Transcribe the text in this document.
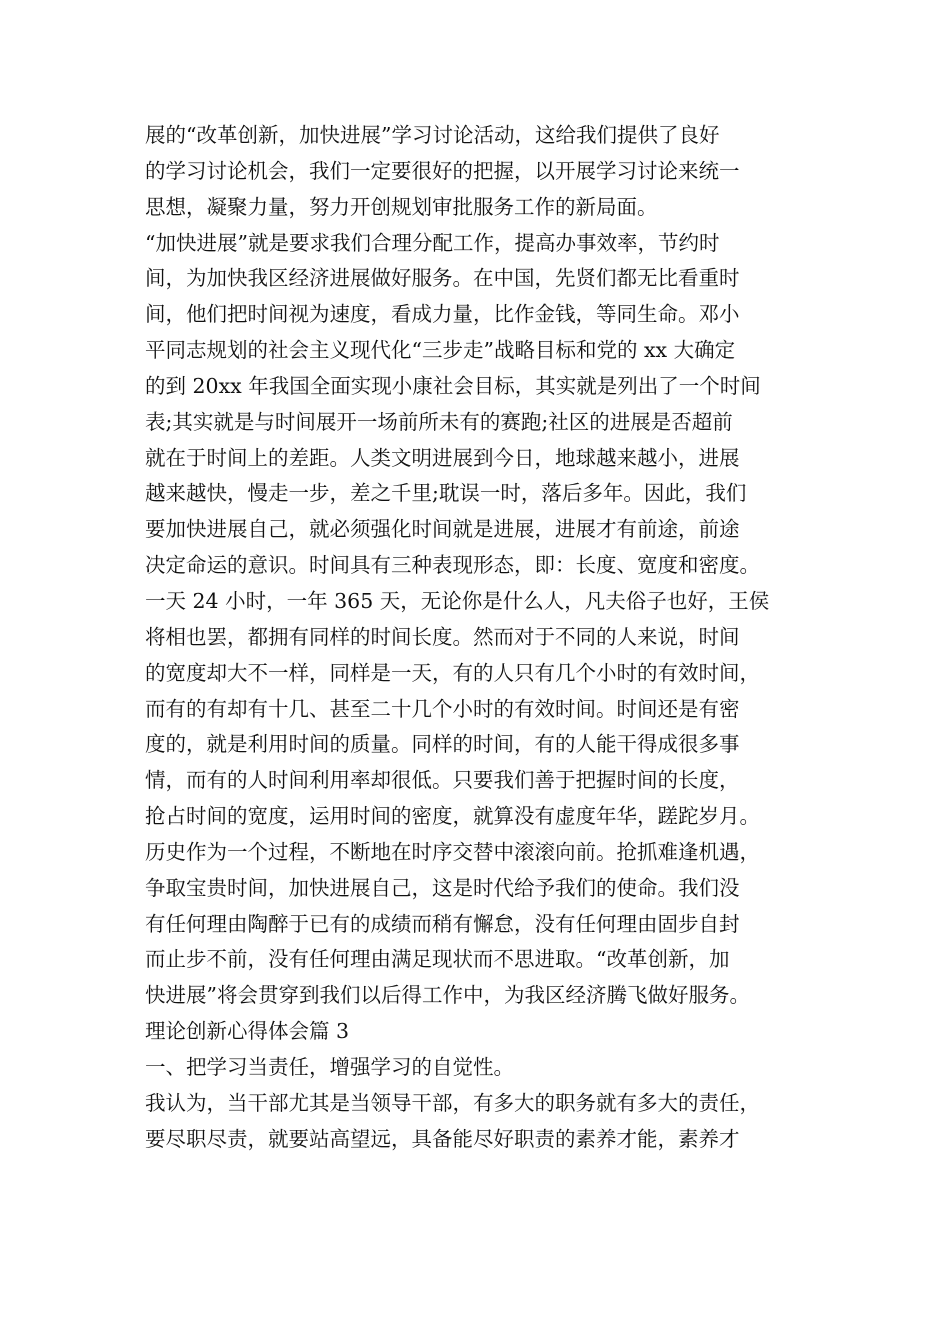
展的“改革创新，加快进展”学习讨论活动，这给我们提供了良好
的学习讨论机会，我们一定要很好的把握，以开展学习讨论来统一
思想，凝聚力量，努力开创规划审批服务工作的新局面。
“加快进展”就是要求我们合理分配工作，提高办事效率，节约时
间，为加快我区经济进展做好服务。在中国，先贤们都无比看重时
间，他们把时间视为速度，看成力量，比作金钱，等同生命。邓小
平同志规划的社会主义现代化“三步走”战略目标和党的 xx 大确定
的到 20xx 年我国全面实现小康社会目标，其实就是列出了一个时间
表;其实就是与时间展开一场前所未有的赛跑;社区的进展是否超前
就在于时间上的差距。人类文明进展到今日，地球越来越小，进展
越来越快，慢走一步，差之千里;耽误一时，落后多年。因此，我们
要加快进展自己，就必须强化时间就是进展，进展才有前途，前途
决定命运的意识。时间具有三种表现形态，即：长度、宽度和密度。
一天 24 小时，一年 365 天，无论你是什么人，凡夫俗子也好，王侯
将相也罢，都拥有同样的时间长度。然而对于不同的人来说，时间
的宽度却大不一样，同样是一天，有的人只有几个小时的有效时间，
而有的有却有十几、甚至二十几个小时的有效时间。时间还是有密
度的，就是利用时间的质量。同样的时间，有的人能干得成很多事
情，而有的人时间利用率却很低。只要我们善于把握时间的长度，
抢占时间的宽度，运用时间的密度，就算没有虚度年华，蹉跎岁月。
历史作为一个过程，不断地在时序交替中滚滚向前。抢抓难逢机遇，
争取宝贵时间，加快进展自己，这是时代给予我们的使命。我们没
有任何理由陶醉于已有的成绩而稍有懈怠，没有任何理由固步自封
而止步不前，没有任何理由满足现状而不思进取。“改革创新，加
快进展”将会贯穿到我们以后得工作中，为我区经济腾飞做好服务。
理论创新心得体会篇 3
一、把学习当责任，增强学习的自觉性。
我认为，当干部尤其是当领导干部，有多大的职务就有多大的责任，
要尽职尽责，就要站高望远，具备能尽好职责的素养才能，素养才
